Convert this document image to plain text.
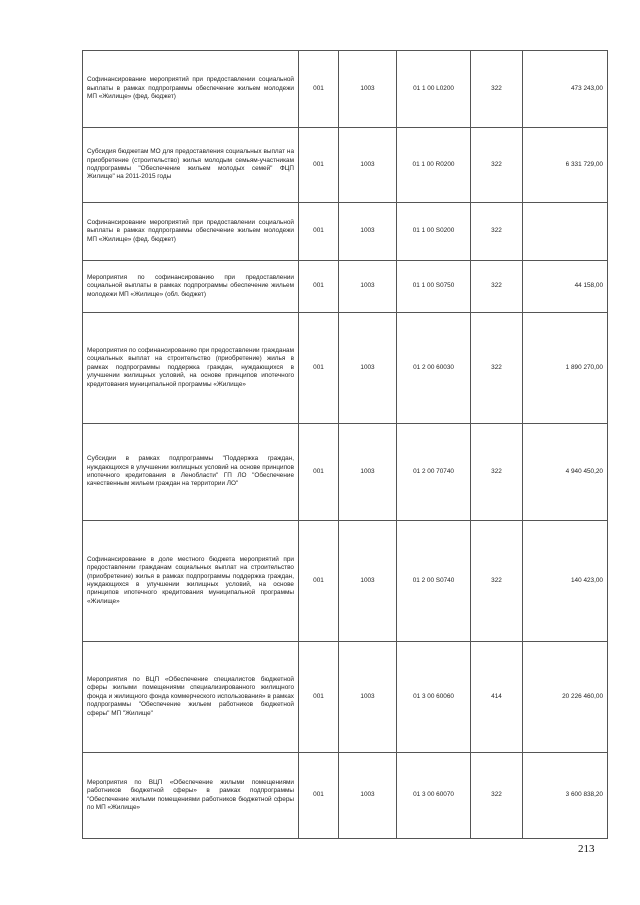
Софинансирование мероприятий при предоставлении социальной выплаты в рамках подпрограммы обеспечение жильем молодежи МП «Жилище» (фед. бюджет)	001	1003	01 1 00 L0200	322	473 243,00
Субсидия бюджетам МО для предоставления социальных выплат на приобретение (строительство) жилья молодым семьям-участникам подпрограммы "Обеспечение жильем молодых семей" ФЦП Жилище" на 2011-2015 годы	001	1003	01 1 00 R0200	322	6 331 729,00
Софинансирование мероприятий при предоставлении социальной выплаты в рамках подпрограммы обеспечение жильем молодежи МП «Жилище» (фед. бюджет)	001	1003	01 1 00 S0200	322	
Мероприятия по софинансированию при предоставлении социальной выплаты в рамках подпрограммы обеспечение жильем молодежи МП «Жилище» (обл. бюджет)	001	1003	01 1 00 S0750	322	44 158,00
Мероприятия по софинансированию при предоставлении гражданам социальных выплат на строительство (приобретение) жилья в рамках подпрограммы поддержка граждан, нуждающихся в улучшении жилищных условий, на основе принципов ипотечного кредитования муниципальной программы «Жилище»	001	1003	01 2 00 60030	322	1 890 270,00
Субсидии в рамках подпрограммы "Поддержка граждан, нуждающихся в улучшении жилищных условий на основе принципов ипотечного кредитования в Ленобласти" ГП ЛО "Обеспечение качественным жильем граждан на территории ЛО"	001	1003	01 2 00 70740	322	4 940 450,20
Софинансирование в доле местного бюджета мероприятий при предоставлении гражданам социальных выплат на строительство (приобретение) жилья в рамках подпрограммы поддержка граждан, нуждающихся в улучшении жилищных условий, на основе принципов ипотечного кредитования муниципальной программы «Жилище»	001	1003	01 2 00 S0740	322	140 423,00
Мероприятия по ВЦП «Обеспечение специалистов бюджетной сферы жилыми помещениями специализированного жилищного фонда и жилищного фонда коммерческого использования» в рамках подпрограммы "Обеспечение жильем работников бюджетной сферы" МП "Жилище"	001	1003	01 3 00 60060	414	20 226 460,00
Мероприятия по ВЦП «Обеспечение жилыми помещениями работников бюджетной сферы» в рамках подпрограммы "Обеспечение жилыми помещениями работников бюджетной сферы по МП «Жилище»	001	1003	01 3 00 60070	322	3 600 838,20
213
